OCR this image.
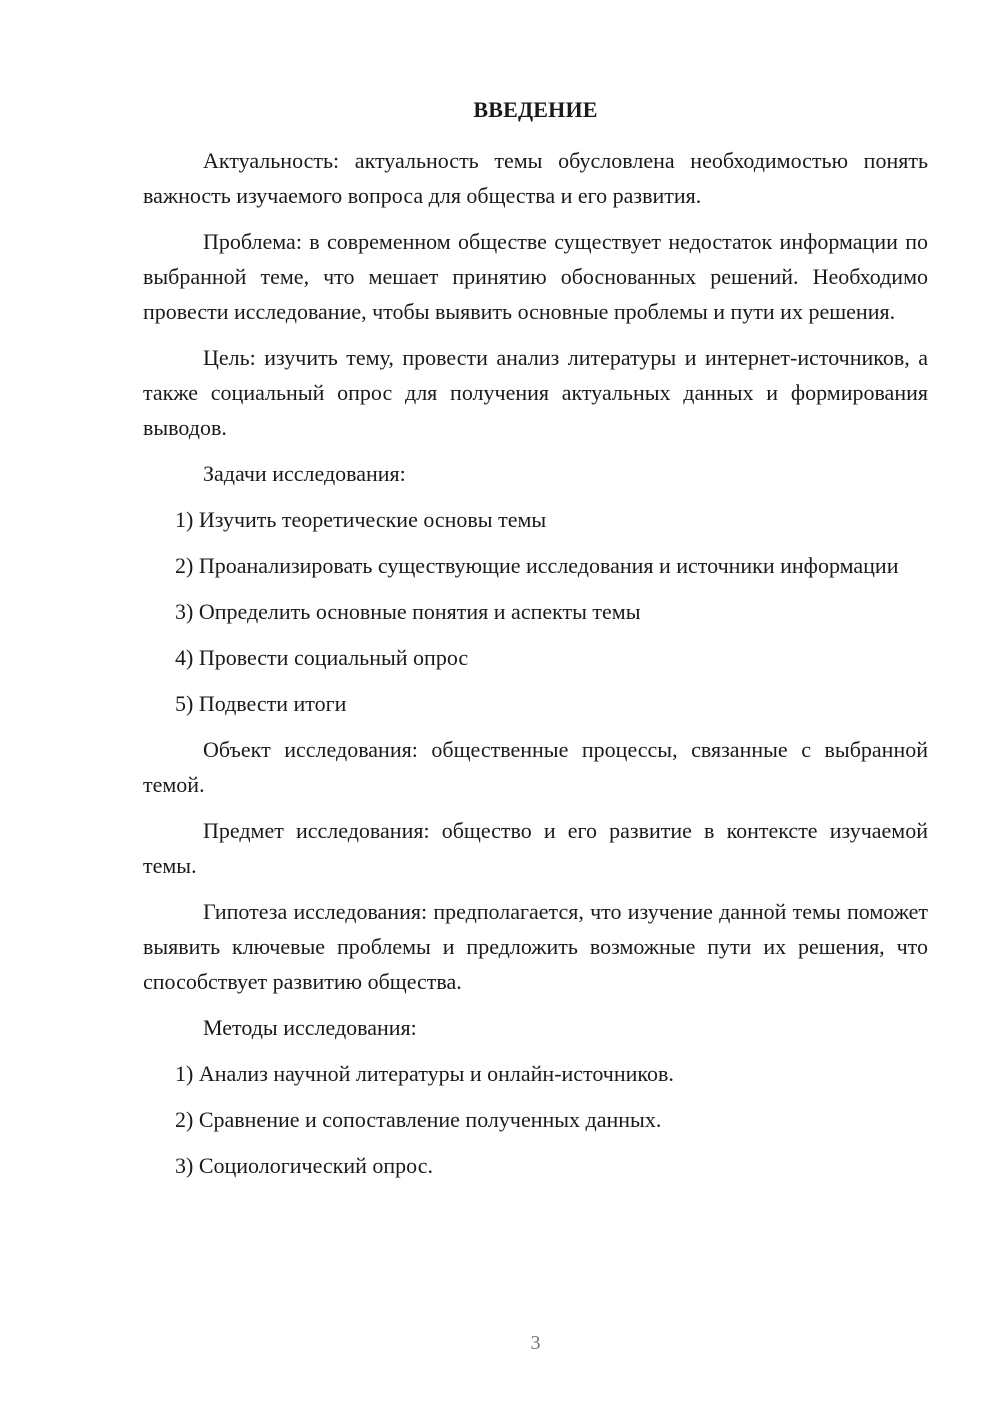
ВВЕДЕНИЕ

Актуальность: актуальность темы обусловлена необходимостью понять важность изучаемого вопроса для общества и его развития.

Проблема: в современном обществе существует недостаток информации по выбранной теме, что мешает принятию обоснованных решений. Необходимо провести исследование, чтобы выявить основные проблемы и пути их решения.

Цель: изучить тему, провести анализ литературы и интернет-источников, а также социальный опрос для получения актуальных данных и формирования выводов.

Задачи исследования:

1) Изучить теоретические основы темы

2) Проанализировать существующие исследования и источники информации

3) Определить основные понятия и аспекты темы

4) Провести социальный опрос

5) Подвести итоги

Объект исследования: общественные процессы, связанные с выбранной темой.

Предмет исследования: общество и его развитие в контексте изучаемой темы.

Гипотеза исследования: предполагается, что изучение данной темы поможет выявить ключевые проблемы и предложить возможные пути их решения, что способствует развитию общества.

Методы исследования:

1) Анализ научной литературы и онлайн-источников.

2) Сравнение и сопоставление полученных данных.

3) Социологический опрос.

3
